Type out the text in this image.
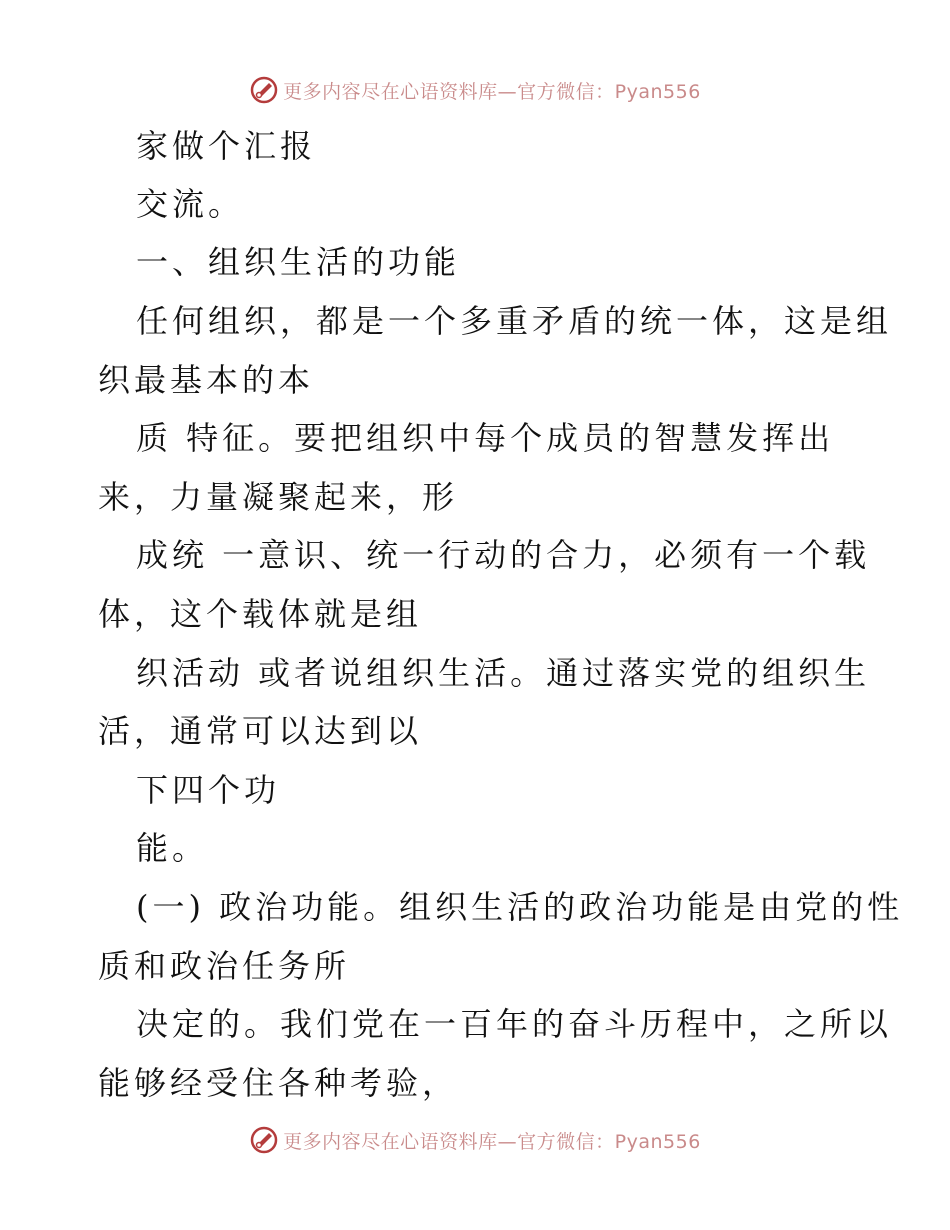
更多内容尽在心语资料库—官方微信：Pyan556
家做个汇报
交流。
一、组织生活的功能
任何组织，都是一个多重矛盾的统一体，这是组
织最基本的本
质 特征。要把组织中每个成员的智慧发挥出
来，力量凝聚起来，形
成统 一意识、统一行动的合力，必须有一个载
体，这个载体就是组
织活动 或者说组织生活。通过落实党的组织生
活，通常可以达到以
下四个功
能。
(一) 政治功能。组织生活的政治功能是由党的性
质和政治任务所
决定的。我们党在一百年的奋斗历程中，之所以
能够经受住各种考验，
更多内容尽在心语资料库—官方微信：Pyan556
